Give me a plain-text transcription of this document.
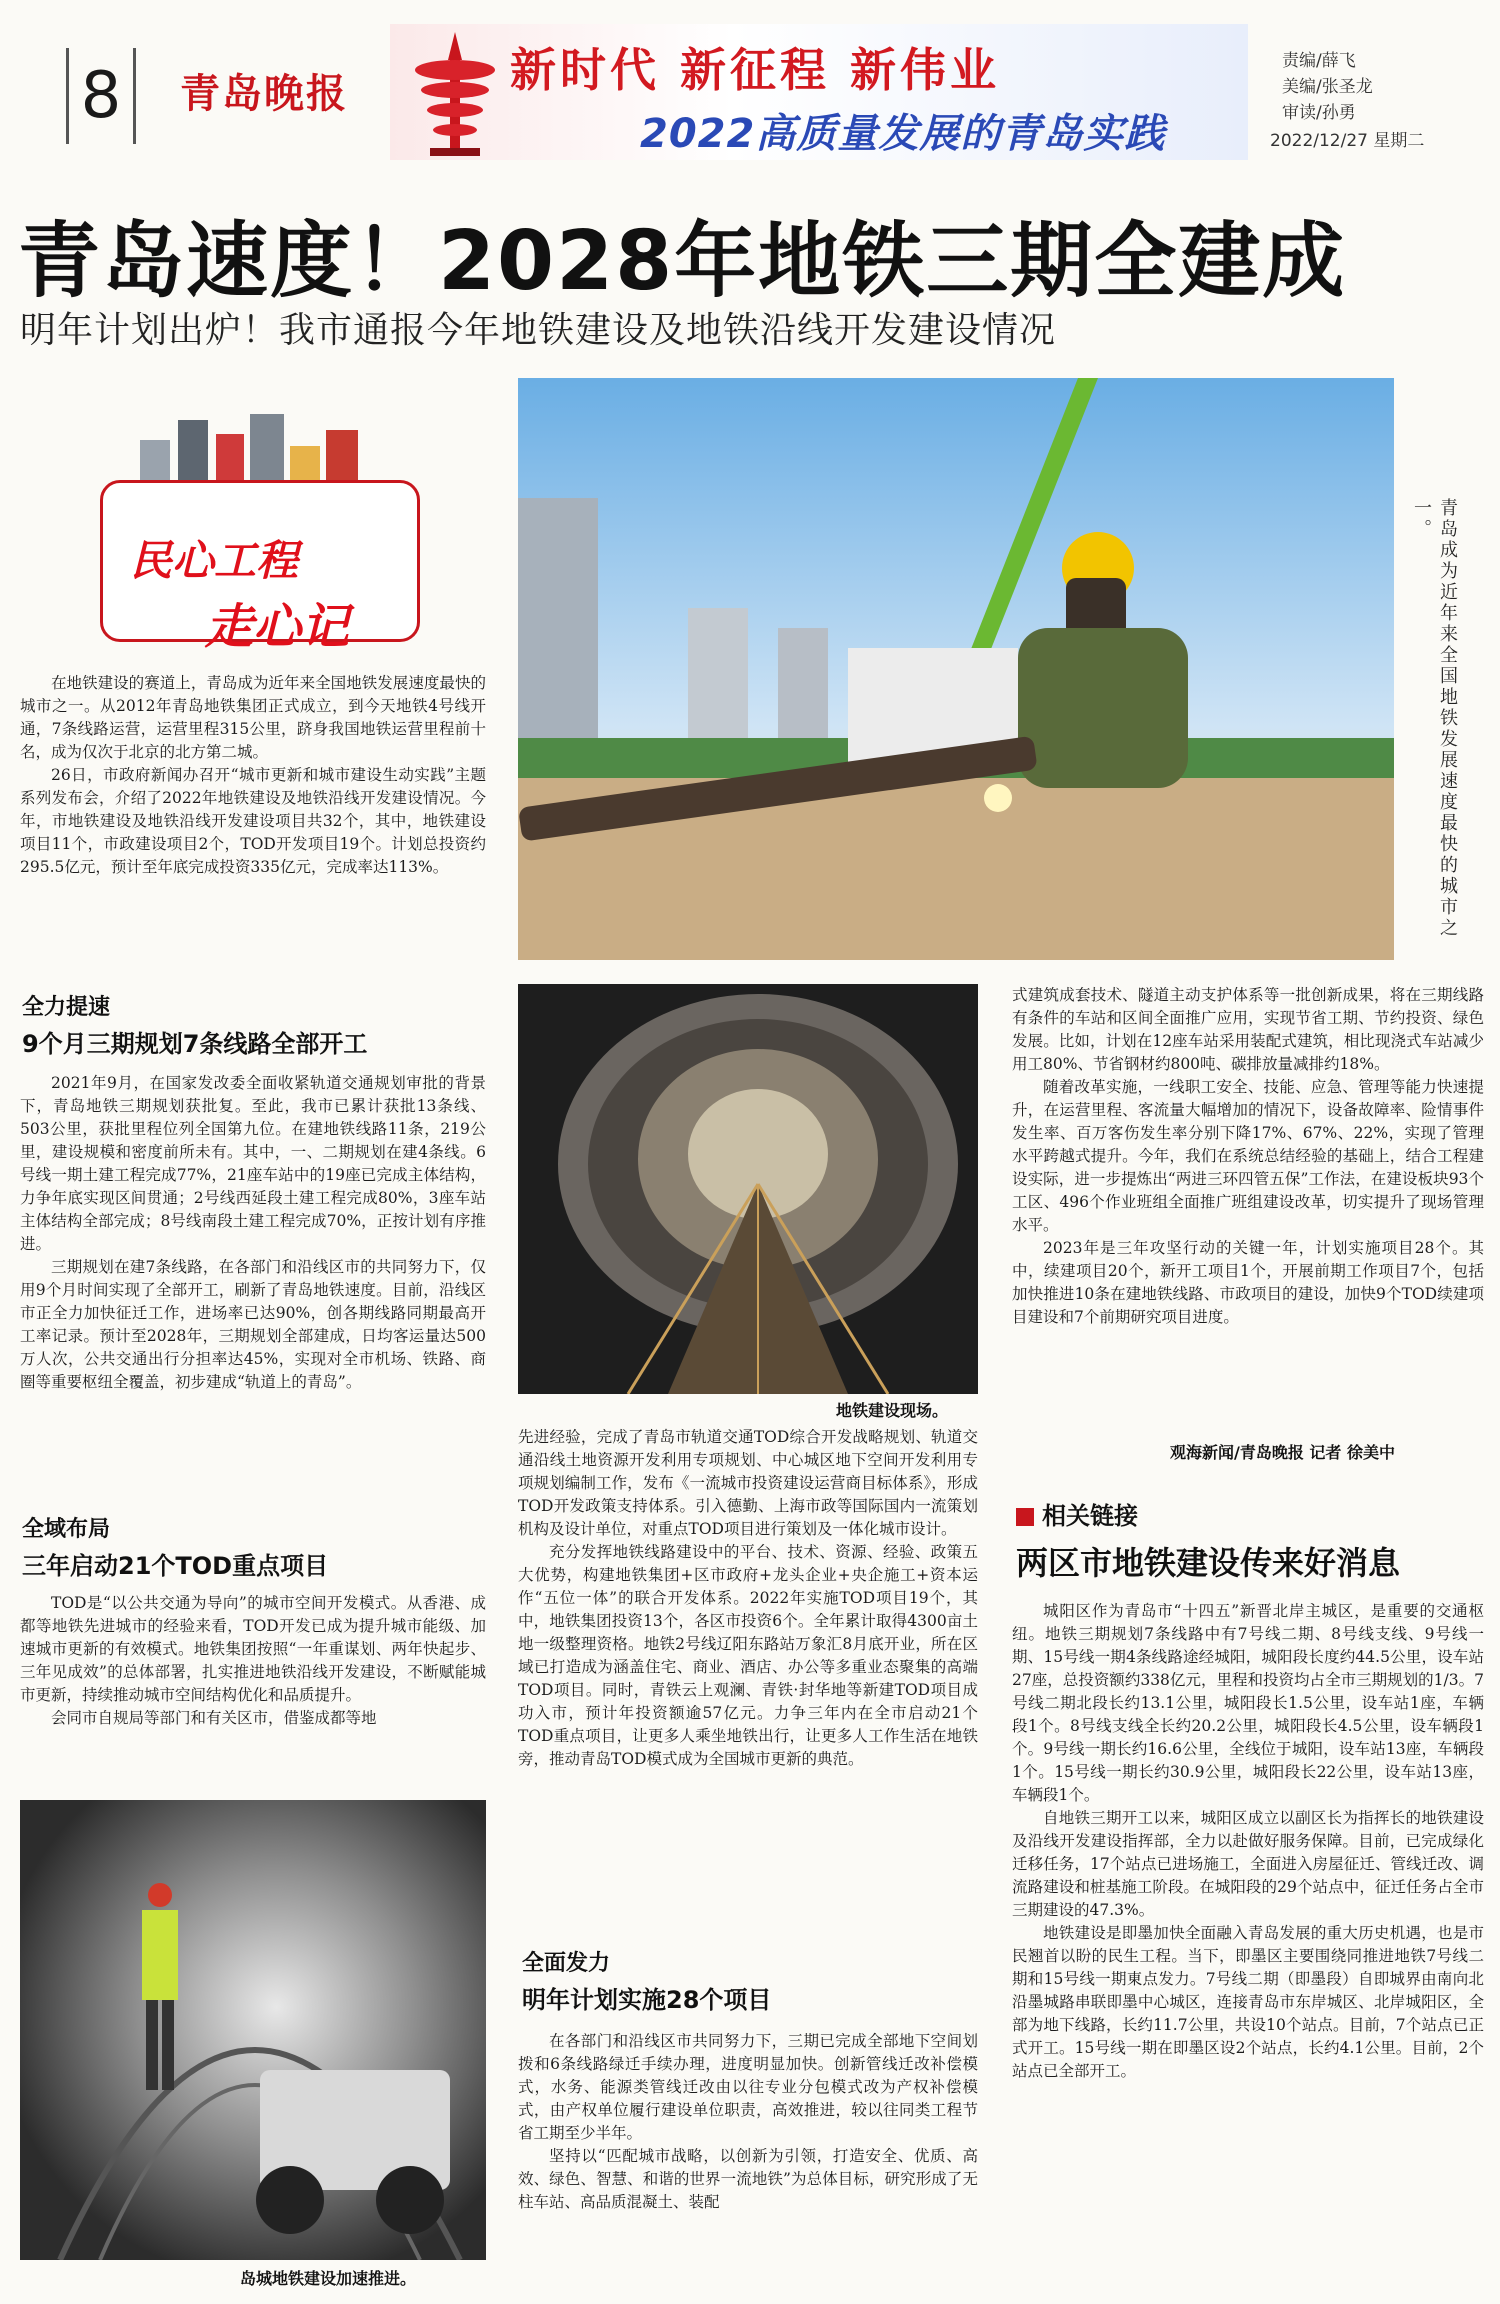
8	青岛晚报	新时代 新征程 新伟业
2022高质量发展的青岛实践
责编/薛飞
美编/张圣龙
审读/孙勇
2022/12/27 星期二
青岛速度！2028年地铁三期全建成
明年计划出炉！我市通报今年地铁建设及地铁沿线开发建设情况
民心工程
走心记

在地铁建设的赛道上，青岛成为近年来全国地铁发展速度最快的城市之一。从2012年青岛地铁集团正式成立，到今天地铁4号线开通，7条线路运营，运营里程315公里，跻身我国地铁运营里程前十名，成为仅次于北京的北方第二城。

26日，市政府新闻办召开“城市更新和城市建设生动实践”主题系列发布会，介绍了2022年地铁建设及地铁沿线开发建设情况。今年，市地铁建设及地铁沿线开发建设项目共32个，其中，地铁建设项目11个，市政建设项目2个，TOD开发项目19个。计划总投资约295.5亿元，预计至年底完成投资335亿元，完成率达113%。

全力提速
9个月三期规划7条线路全部开工

2021年9月，在国家发改委全面收紧轨道交通规划审批的背景下，青岛地铁三期规划获批复。至此，我市已累计获批13条线、503公里，获批里程位列全国第九位。在建地铁线路11条，219公里，建设规模和密度前所未有。其中，一、二期规划在建4条线。6号线一期土建工程完成77%，21座车站中的19座已完成主体结构，力争年底实现区间贯通；2号线西延段土建工程完成80%，3座车站主体结构全部完成；8号线南段土建工程完成70%，正按计划有序推进。

三期规划在建7条线路，在各部门和沿线区市的共同努力下，仅用9个月时间实现了全部开工，刷新了青岛地铁速度。目前，沿线区市正全力加快征迁工作，进场率已达90%，创各期线路同期最高开工率记录。预计至2028年，三期规划全部建成，日均客运量达500万人次，公共交通出行分担率达45%，实现对全市机场、铁路、商圈等重要枢纽全覆盖，初步建成“轨道上的青岛”。

全域布局
三年启动21个TOD重点项目

TOD是“以公共交通为导向”的城市空间开发模式。从香港、成都等地铁先进城市的经验来看，TOD开发已成为提升城市能级、加速城市更新的有效模式。地铁集团按照“一年重谋划、两年快起步、三年见成效”的总体部署，扎实推进地铁沿线开发建设，不断赋能城市更新，持续推动城市空间结构优化和品质提升。

会同市自规局等部门和有关区市，借鉴成都等地

岛城地铁建设加速推进。
青岛成为近年来全国地铁发展速度最快的城市之一。
地铁建设现场。

先进经验，完成了青岛市轨道交通TOD综合开发战略规划、轨道交通沿线土地资源开发利用专项规划、中心城区地下空间开发利用专项规划编制工作，发布《一流城市投资建设运营商目标体系》，形成TOD开发政策支持体系。引入德勤、上海市政等国际国内一流策划机构及设计单位，对重点TOD项目进行策划及一体化城市设计。

充分发挥地铁线路建设中的平台、技术、资源、经验、政策五大优势，构建地铁集团+区市政府+龙头企业+央企施工+资本运作“五位一体”的联合开发体系。2022年实施TOD项目19个，其中，地铁集团投资13个，各区市投资6个。全年累计取得4300亩土地一级整理资格。地铁2号线辽阳东路站万象汇8月底开业，所在区域已打造成为涵盖住宅、商业、酒店、办公等多重业态聚集的高端TOD项目。同时，青铁云上观澜、青铁·封华地等新建TOD项目成功入市，预计年投资额逾57亿元。力争三年内在全市启动21个TOD重点项目，让更多人乘坐地铁出行，让更多人工作生活在地铁旁，推动青岛TOD模式成为全国城市更新的典范。

全面发力
明年计划实施28个项目

在各部门和沿线区市共同努力下，三期已完成全部地下空间划拨和6条线路绿迁手续办理，进度明显加快。创新管线迁改补偿模式，水务、能源类管线迁改由以往专业分包模式改为产权补偿模式，由产权单位履行建设单位职责，高效推进，较以往同类工程节省工期至少半年。

坚持以“匹配城市战略，以创新为引领，打造安全、优质、高效、绿色、智慧、和谐的世界一流地铁”为总体目标，研究形成了无柱车站、高品质混凝土、装配

式建筑成套技术、隧道主动支护体系等一批创新成果，将在三期线路有条件的车站和区间全面推广应用，实现节省工期、节约投资、绿色发展。比如，计划在12座车站采用装配式建筑，相比现浇式车站减少用工80%、节省钢材约800吨、碳排放量减排约18%。

随着改革实施，一线职工安全、技能、应急、管理等能力快速提升，在运营里程、客流量大幅增加的情况下，设备故障率、险情事件发生率、百万客伤发生率分别下降17%、67%、22%，实现了管理水平跨越式提升。今年，我们在系统总结经验的基础上，结合工程建设实际，进一步提炼出“两进三环四管五保”工作法，在建设板块93个工区、496个作业班组全面推广班组建设改革，切实提升了现场管理水平。

2023年是三年攻坚行动的关键一年，计划实施项目28个。其中，续建项目20个，新开工项目1个，开展前期工作项目7个，包括加快推进10条在建地铁线路、市政项目的建设，加快9个TOD续建项目建设和7个前期研究项目进度。

观海新闻/青岛晚报 记者 徐美中
相关链接
两区市地铁建设传来好消息

城阳区作为青岛市“十四五”新晋北岸主城区，是重要的交通枢纽。地铁三期规划7条线路中有7号线二期、8号线支线、9号线一期、15号线一期4条线路途经城阳，城阳段长度约44.5公里，设车站27座，总投资额约338亿元，里程和投资均占全市三期规划的1/3。7号线二期北段长约13.1公里，城阳段长1.5公里，设车站1座，车辆段1个。8号线支线全长约20.2公里，城阳段长4.5公里，设车辆段1个。9号线一期长约16.6公里，全线位于城阳，设车站13座，车辆段1个。15号线一期长约30.9公里，城阳段长22公里，设车站13座，车辆段1个。

自地铁三期开工以来，城阳区成立以副区长为指挥长的地铁建设及沿线开发建设指挥部，全力以赴做好服务保障。目前，已完成绿化迁移任务，17个站点已进场施工，全面进入房屋征迁、管线迁改、调流路建设和桩基施工阶段。在城阳段的29个站点中，征迁任务占全市三期建设的47.3%。

地铁建设是即墨加快全面融入青岛发展的重大历史机遇，也是市民翘首以盼的民生工程。当下，即墨区主要围绕同推进地铁7号线二期和15号线一期東点发力。7号线二期（即墨段）自即城界由南向北沿墨城路串联即墨中心城区，连接青岛市东岸城区、北岸城阳区，全部为地下线路，长约11.7公里，共设10个站点。目前，7个站点已正式开工。15号线一期在即墨区设2个站点，长约4.1公里。目前，2个站点已全部开工。
